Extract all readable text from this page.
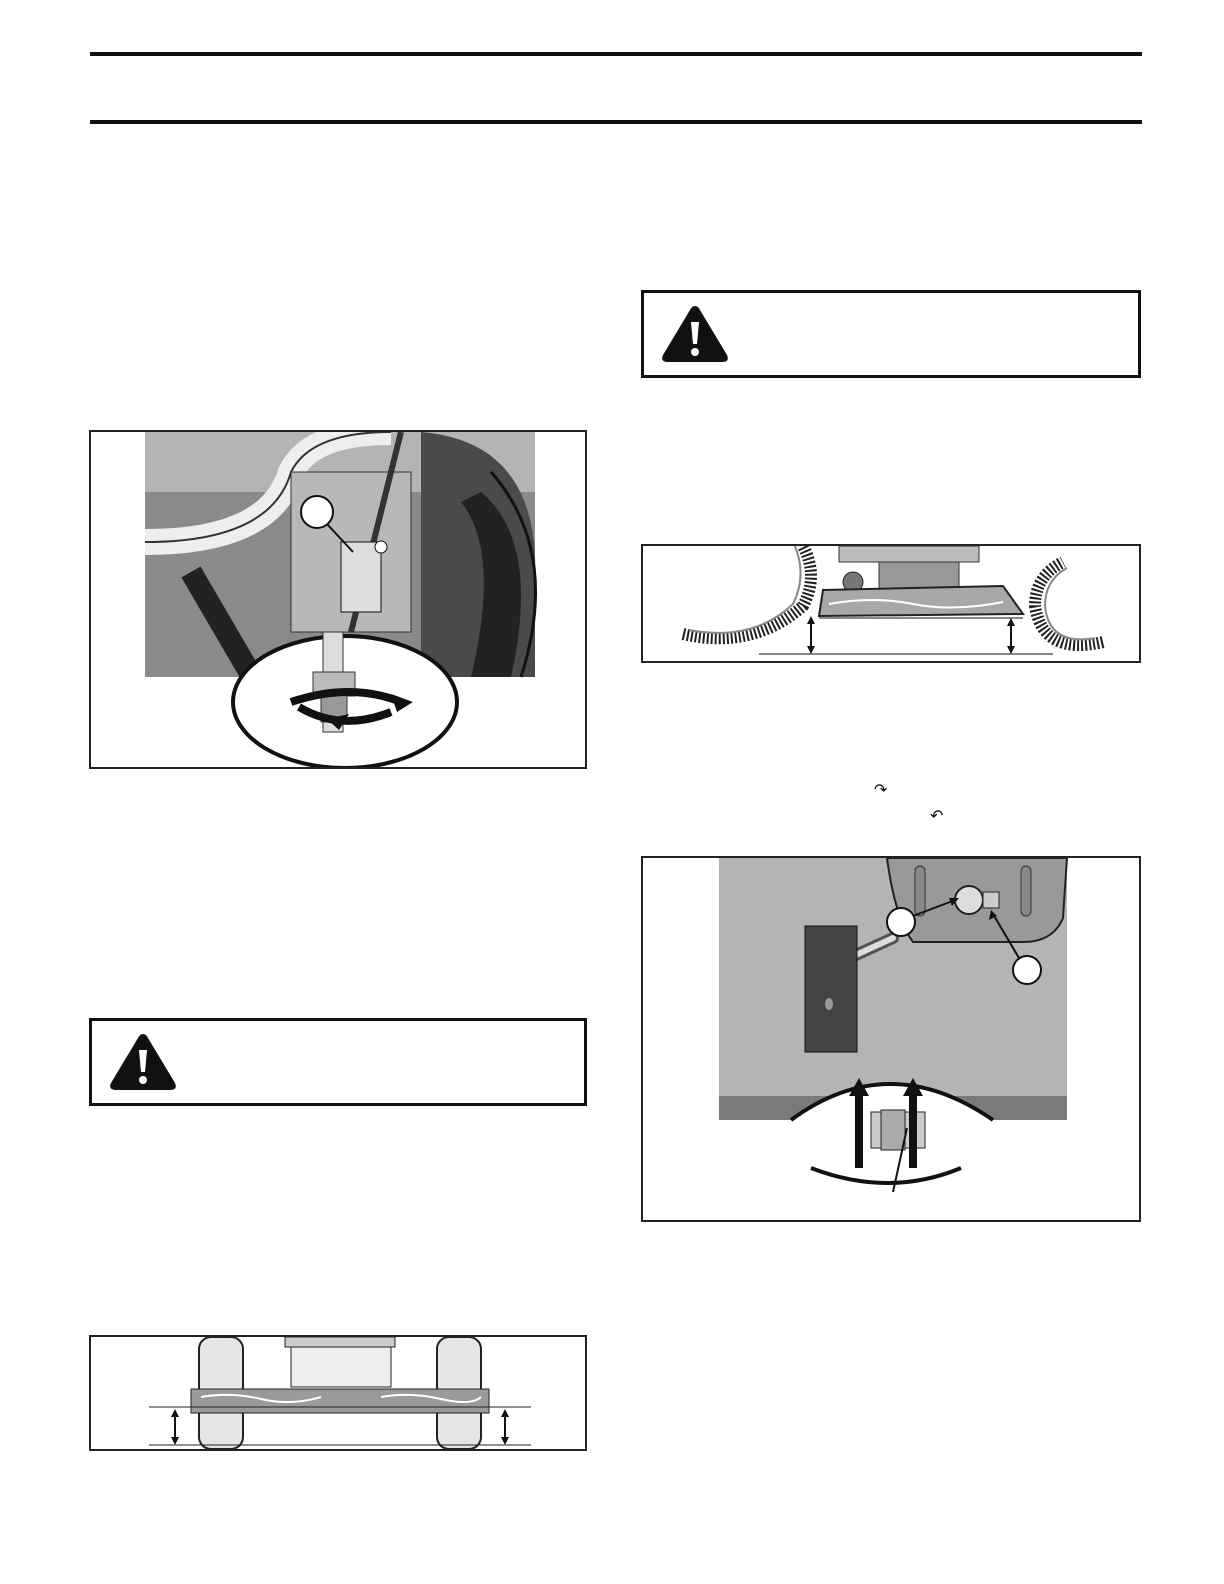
↷
↶
